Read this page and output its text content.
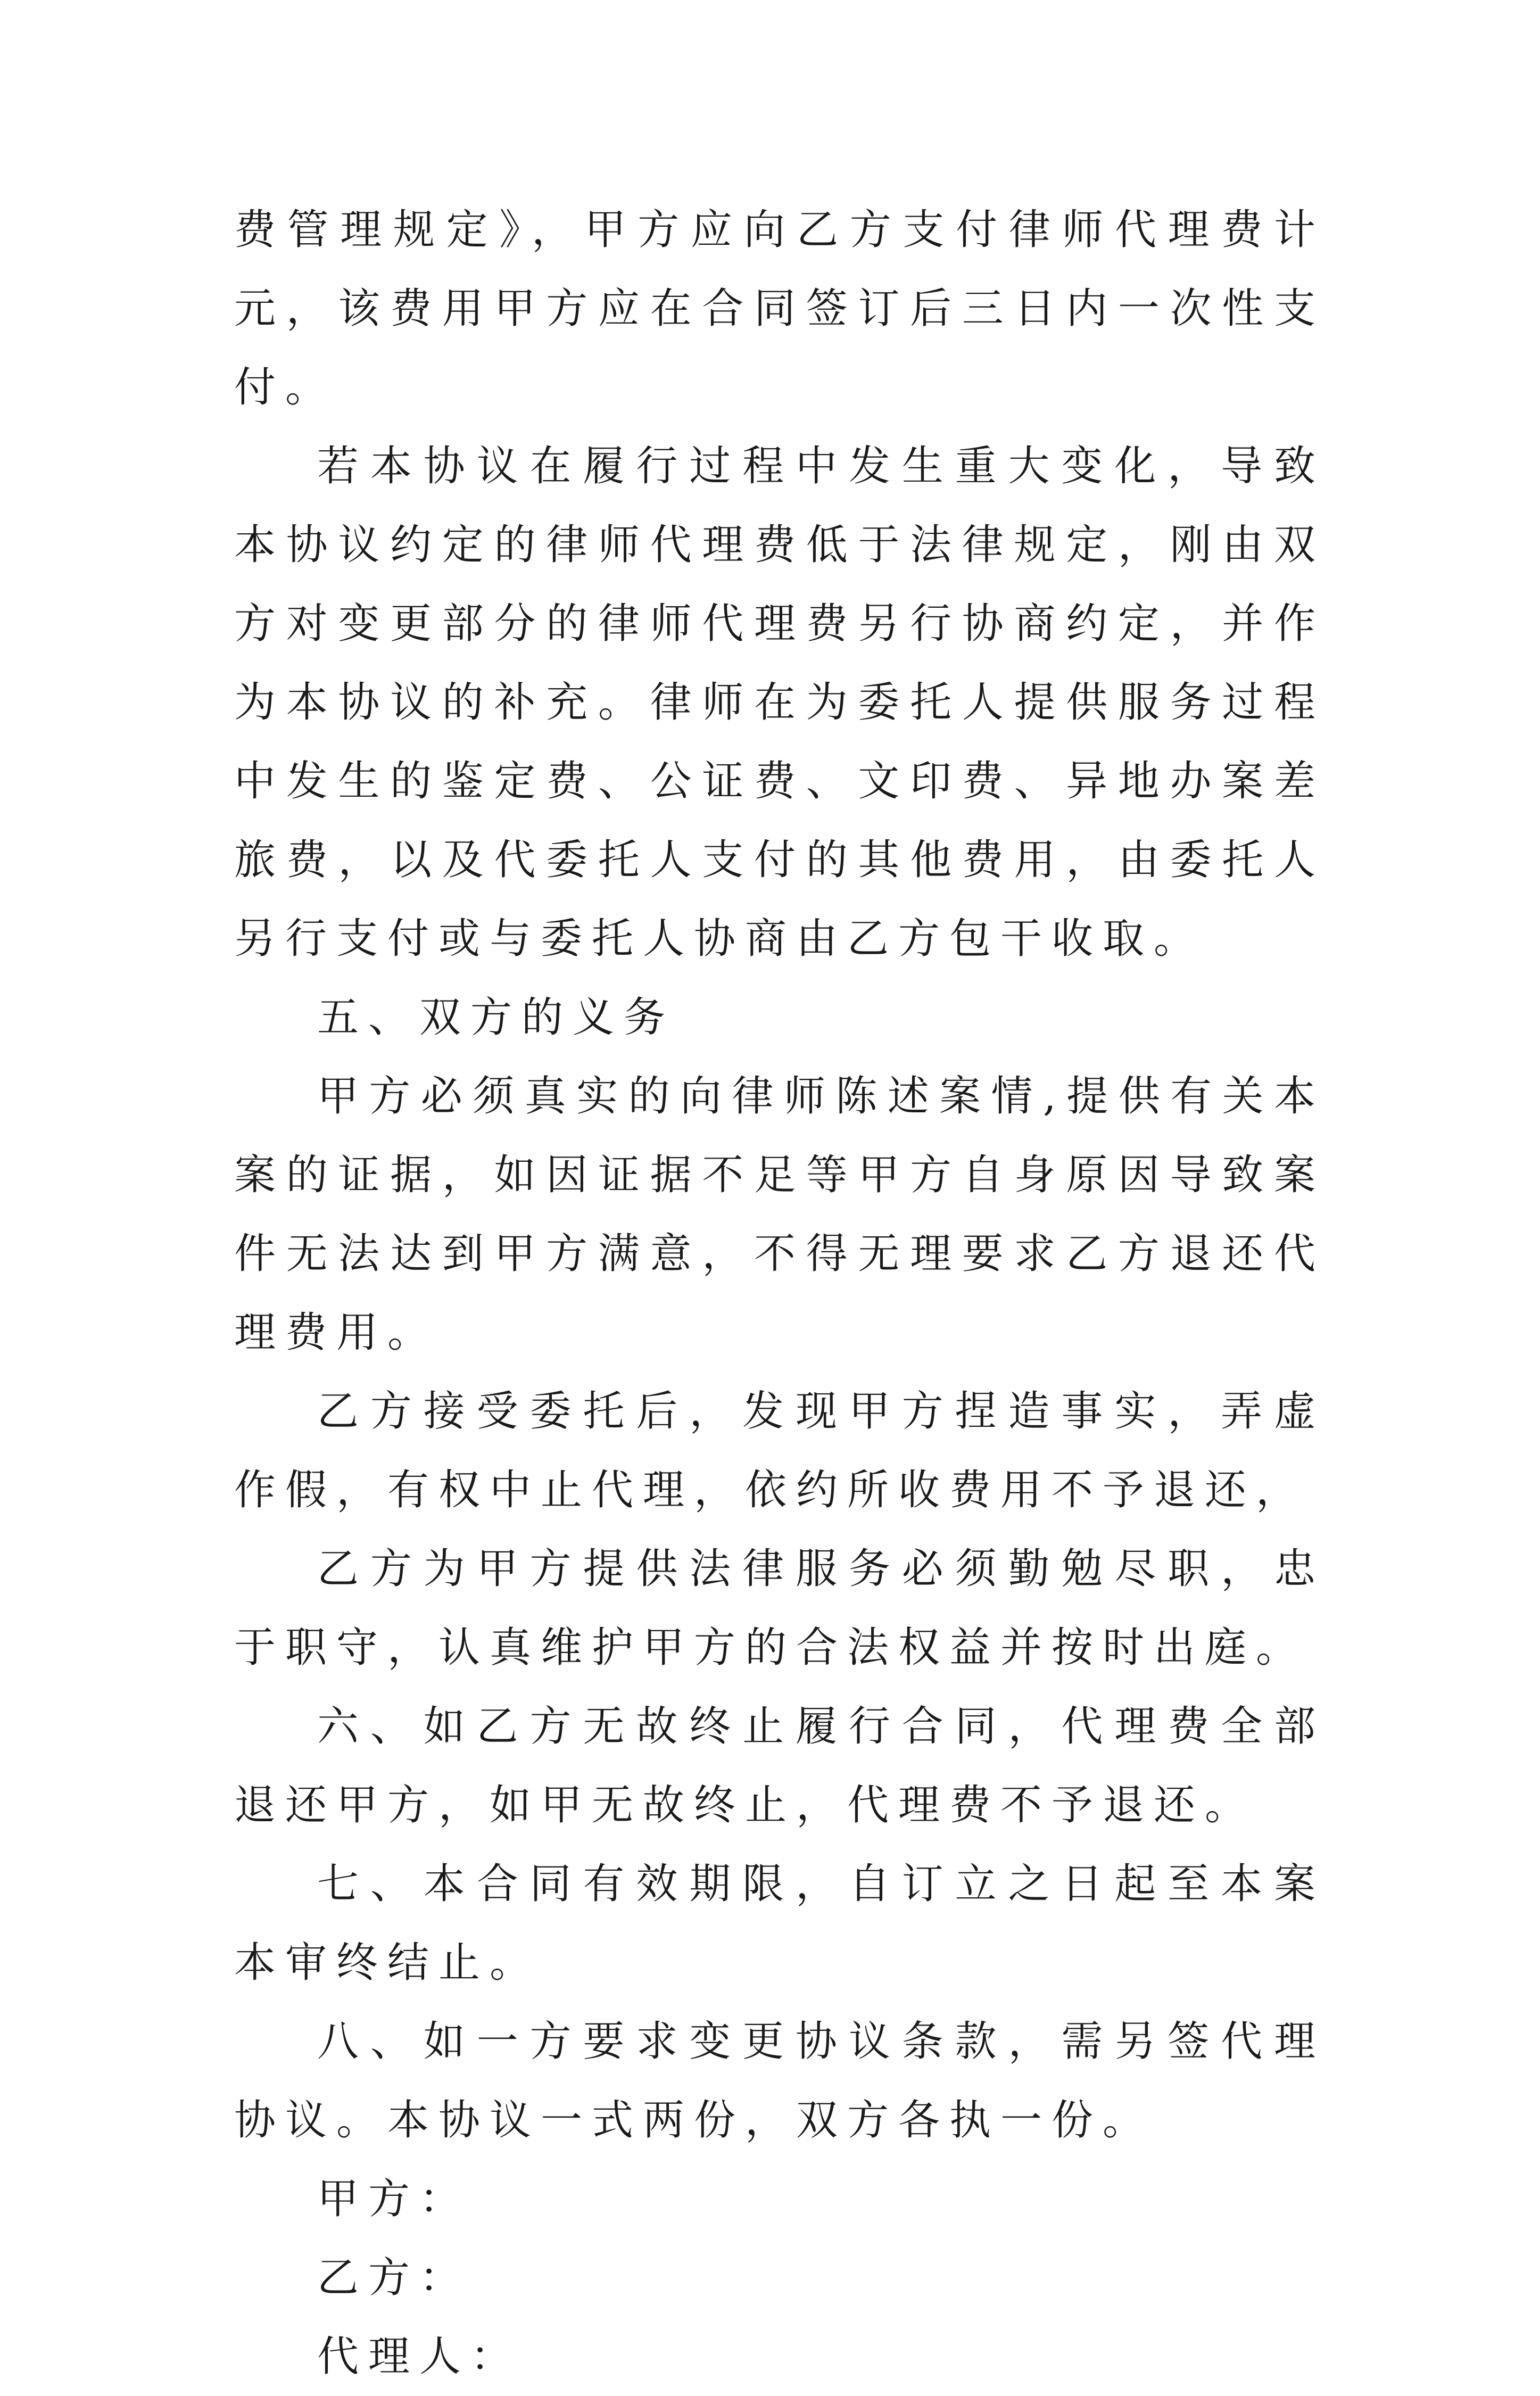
费管理规定》，甲方应向乙方支付律师代理费计元，该费用甲方应在合同签订后三日内一次性支付。

若本协议在履行过程中发生重大变化，导致本协议约定的律师代理费低于法律规定，刚由双方对变更部分的律师代理费另行协商约定，并作为本协议的补充。律师在为委托人提供服务过程中发生的鉴定费、公证费、文印费、异地办案差旅费，以及代委托人支付的其他费用，由委托人另行支付或与委托人协商由乙方包干收取。

五、双方的义务

甲方必须真实的向律师陈述案情,提供有关本案的证据，如因证据不足等甲方自身原因导致案件无法达到甲方满意，不得无理要求乙方退还代理费用。

乙方接受委托后，发现甲方捏造事实，弄虚作假，有权中止代理，依约所收费用不予退还，

乙方为甲方提供法律服务必须勤勉尽职，忠于职守，认真维护甲方的合法权益并按时出庭。

六、如乙方无故终止履行合同，代理费全部退还甲方，如甲无故终止，代理费不予退还。

七、本合同有效期限，自订立之日起至本案本审终结止。

八、如一方要求变更协议条款，需另签代理协议。本协议一式两份，双方各执一份。

甲方：

乙方：

代理人：
